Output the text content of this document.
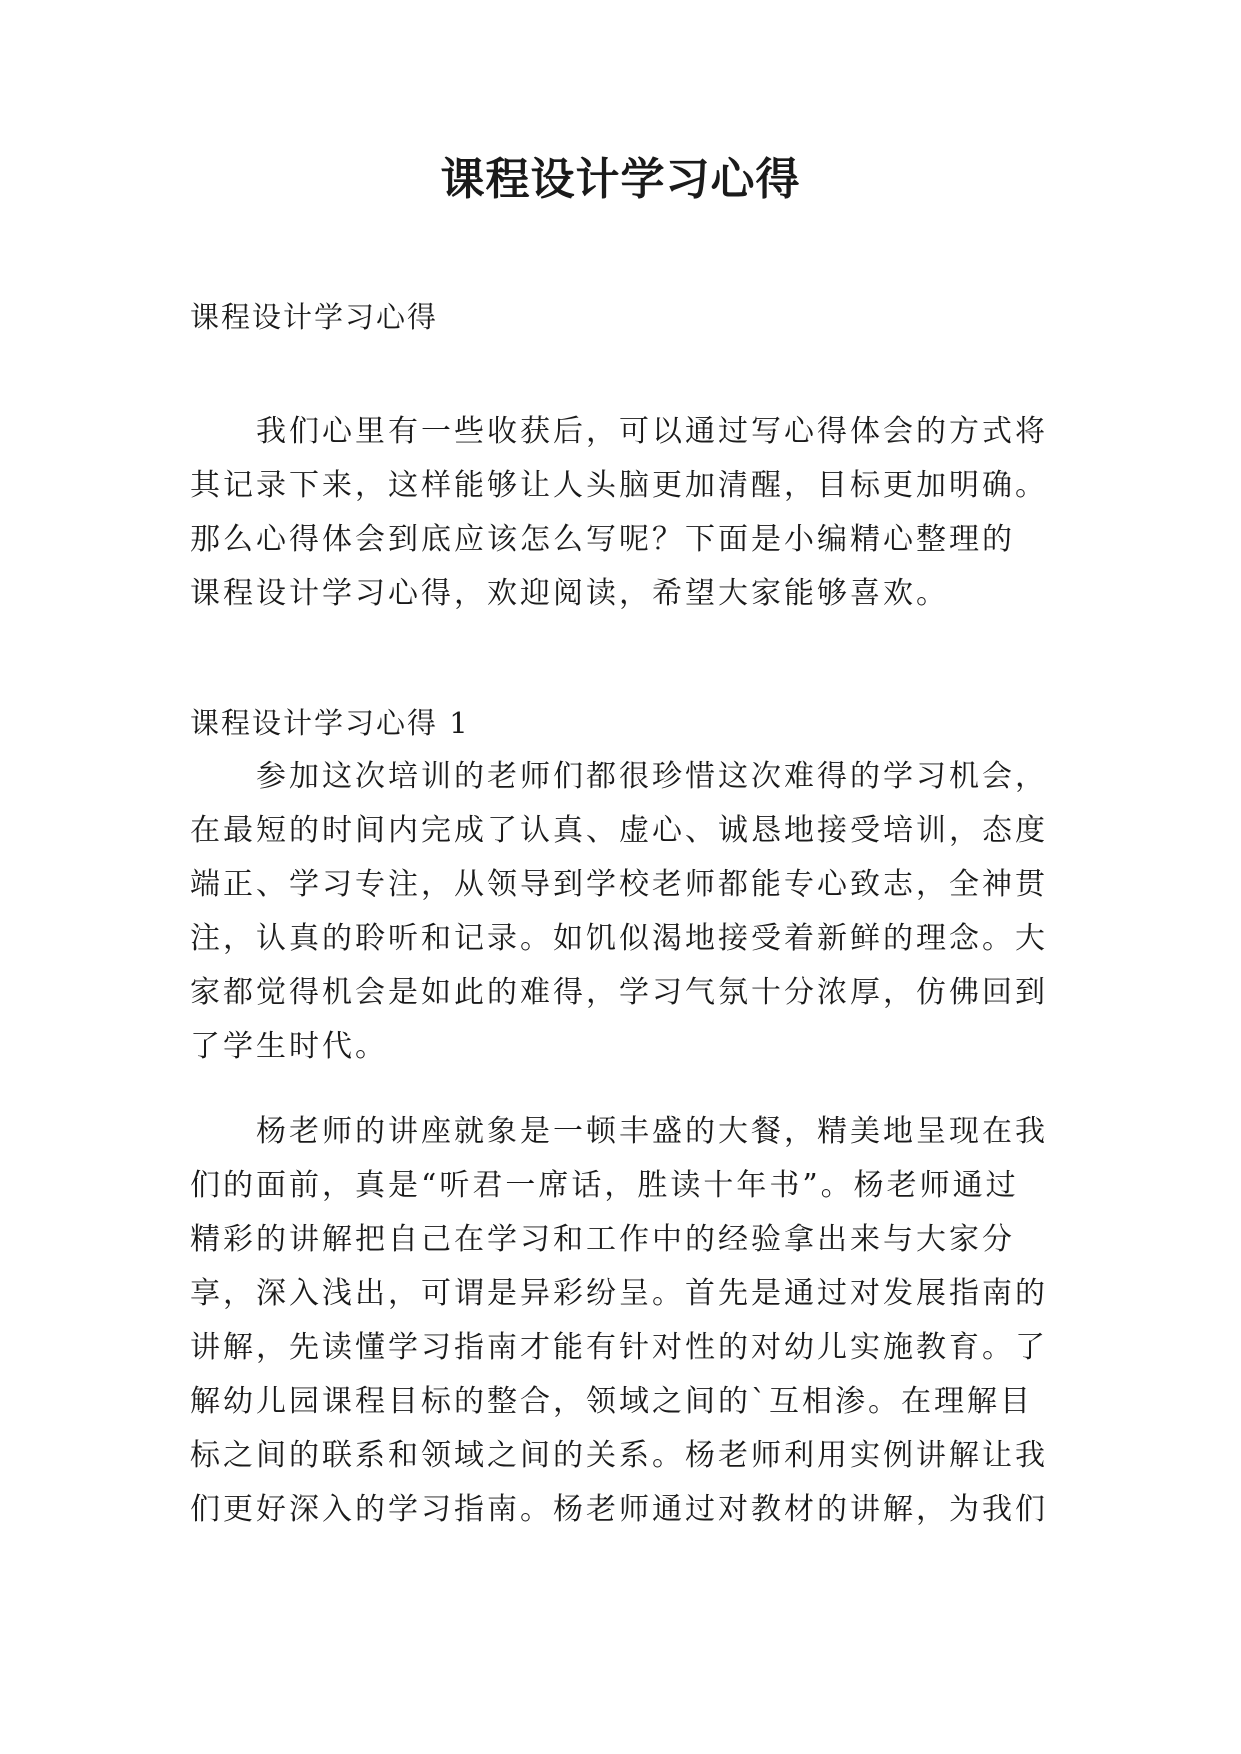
课程设计学习心得
课程设计学习心得
我们心里有一些收获后，可以通过写心得体会的方式将
其记录下来，这样能够让人头脑更加清醒，目标更加明确。
那么心得体会到底应该怎么写呢？下面是小编精心整理的
课程设计学习心得，欢迎阅读，希望大家能够喜欢。
课程设计学习心得 1
参加这次培训的老师们都很珍惜这次难得的学习机会，
在最短的时间内完成了认真、虚心、诚恳地接受培训，态度
端正、学习专注，从领导到学校老师都能专心致志，全神贯
注，认真的聆听和记录。如饥似渴地接受着新鲜的理念。大
家都觉得机会是如此的难得，学习气氛十分浓厚，仿佛回到
了学生时代。
杨老师的讲座就象是一顿丰盛的大餐，精美地呈现在我
们的面前，真是“听君一席话，胜读十年书”。杨老师通过
精彩的讲解把自己在学习和工作中的经验拿出来与大家分
享，深入浅出，可谓是异彩纷呈。首先是通过对发展指南的
讲解，先读懂学习指南才能有针对性的对幼儿实施教育。了
解幼儿园课程目标的整合，领域之间的`互相渗。在理解目
标之间的联系和领域之间的关系。杨老师利用实例讲解让我
们更好深入的学习指南。杨老师通过对教材的讲解，为我们
